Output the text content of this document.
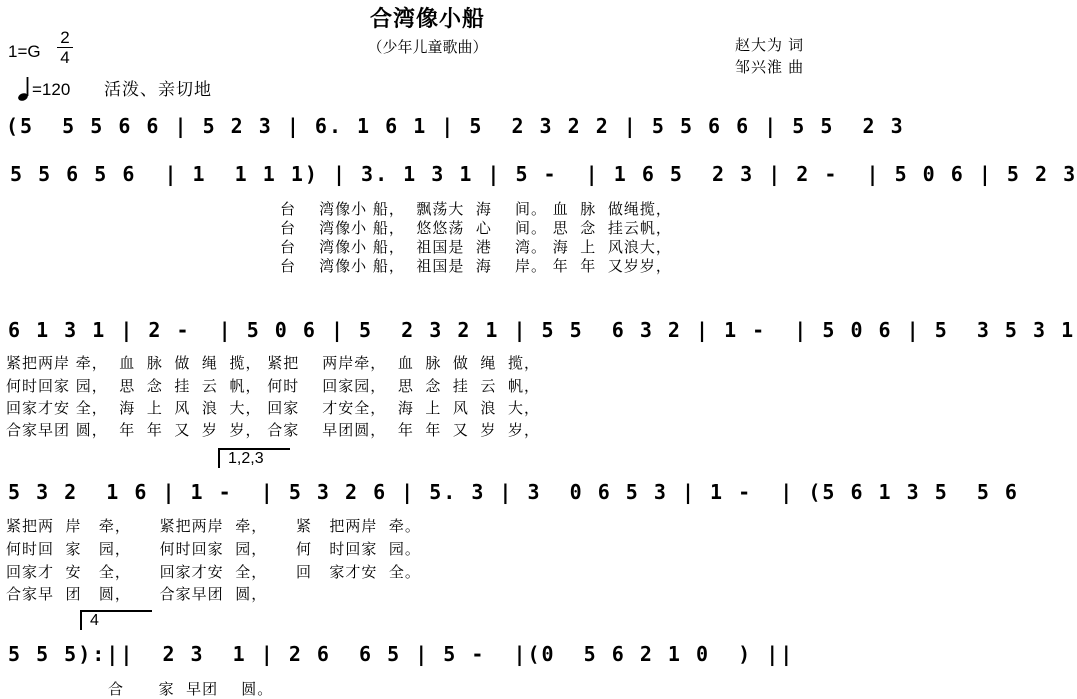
合湾像小船
（少年儿童歌曲）	赵大为 词
邹兴淮 曲
1=G
2
4
=120 活泼、亲切地
(5  5 5 6 6 | 5 2 3 | 6. 1 6 1 | 5  2 3 2 2 | 5 5 6 6 | 5 5  2 3
5 5 6 5 6  | 1  1 1 1) | 3. 1 3 1 | 5 -  | 1 6 5  2 3 | 2 -  | 5 0 6 | 5 2 3
台    湾像小 船，  飘荡大  海    间。 血  脉  做绳揽，
台    湾像小 船，  悠悠荡  心    间。 思  念  挂云帆，
台    湾像小 船，  祖国是  港    湾。 海  上  风浪大，
台    湾像小 船，  祖国是  海    岸。 年  年  又岁岁，
6 1 3 1 | 2 -  | 5 0 6 | 5  2 3 2 1 | 5 5  6 3 2 | 1 -  | 5 0 6 | 5  3 5 3 1
紧把两岸 牵，  血  脉  做  绳  揽， 紧把    两岸牵，  血  脉  做  绳  揽，
何时回家 园，  思  念  挂  云  帆， 何时    回家园，  思  念  挂  云  帆，
回家才安 全，  海  上  风  浪  大， 回家    才安全，  海  上  风  浪  大，
合家早团 圆，  年  年  又  岁  岁， 合家    早团圆，  年  年  又  岁  岁，
1,2,3
5 3 2  1 6 | 1 -  | 5 3 2 6 | 5. 3 | 3  0 6 5 3 | 1 -  | (5 6 1 3 5  5 6
紧把两  岸   牵，     紧把两岸  牵，     紧   把两岸  牵。
何时回  家   园，     何时回家  园，     何   时回家  园。
回家才  安   全，     回家才安  全，     回   家才安  全。
合家早  团   圆，     合家早团  圆，
4
5 5 5):||  2 3  1 | 2 6  6 5 | 5 -  |(0  5 6 2 1 0  ) ||
合      家  早团    圆。
